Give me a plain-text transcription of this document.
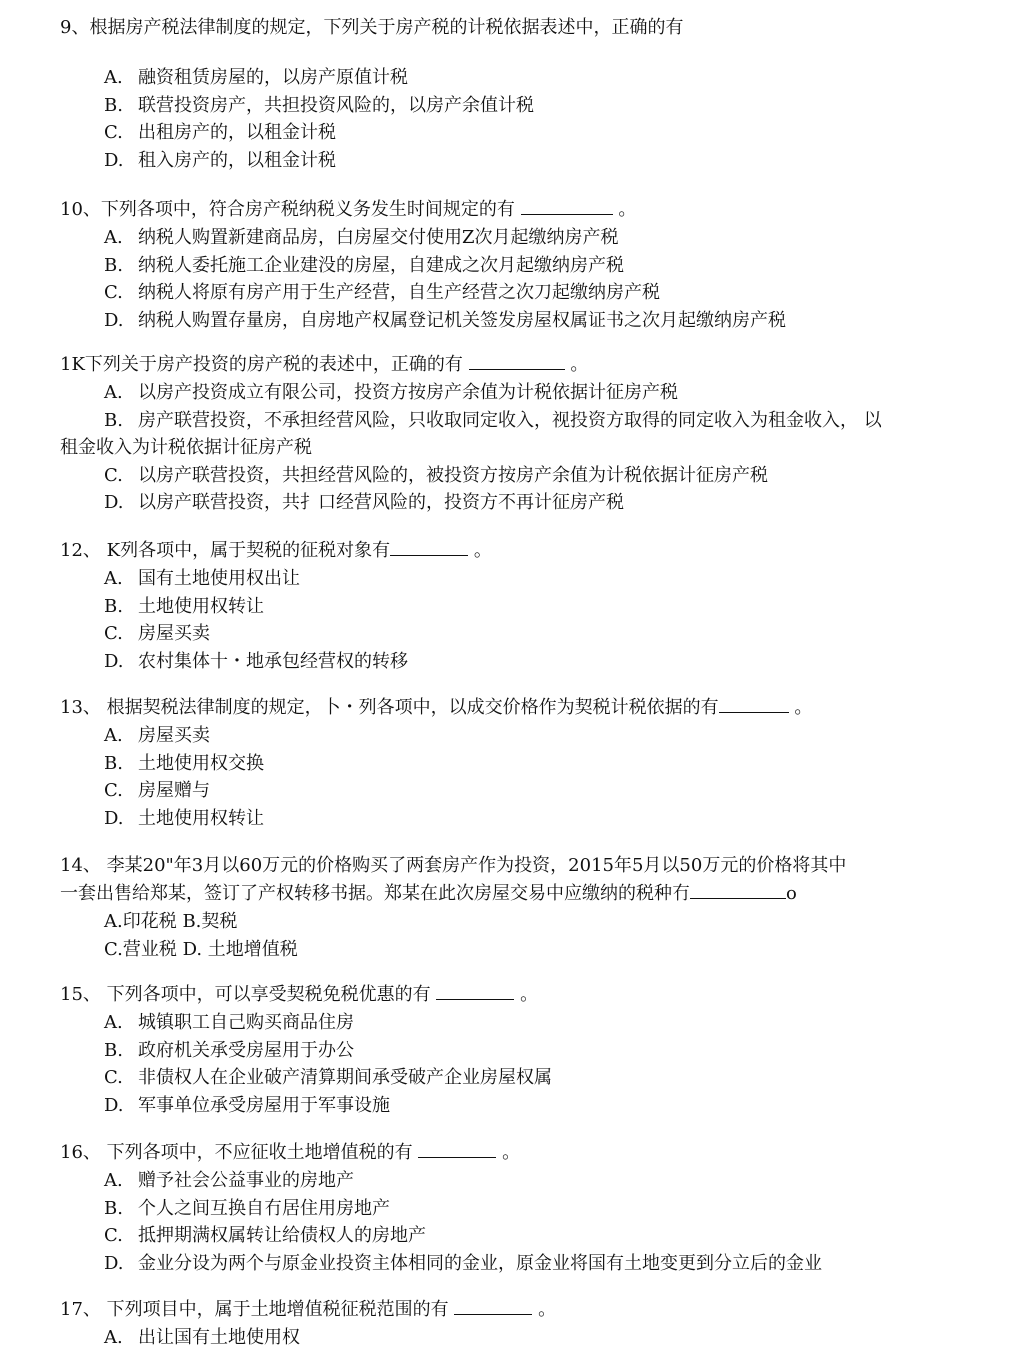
9、根据房产税法律制度的规定，下列关于房产税的计税依据表述中，正确的有
A. 融资租赁房屋的，以房产原值计税
B. 联营投资房产，共担投资风险的，以房产余值计税
C. 出租房产的，以租金计税
D. 租入房产的，以租金计税
10、下列各项中，符合房产税纳税义务发生时间规定的有	。
A. 纳税人购置新建商品房，白房屋交付使用Z次月起缴纳房产税
B. 纳税人委托施工企业建没的房屋，自建成之次月起缴纳房产税
C. 纳税人将原有房产用于生产经营，自生产经营之次刀起缴纳房产税
D. 纳税人购置存量房，自房地产权属登记机关签发房屋权属证书之次月起缴纳房产税
1K下列关于房产投资的房产税的表述中，正确的有	。
A. 以房产投资成立有限公司，投资方按房产余值为计税依据计征房产税
B. 房产联营投资，不承担经营风险，只收取同定收入，视投资方取得的同定收入为租金收入， 以
租金收入为计税依据计征房产税
C. 以房产联营投资，共担经营风险的，被投资方按房产余值为计税依据计征房产税
D. 以房产联营投资，共扌口经营风险的，投资方不再计征房产税
12、 K列各项中，属于契税的征税对象有	。
A. 国有土地使用权出让
B. 土地使用权转让
C. 房屋买卖
D. 农村集体十・地承包经营权的转移
13、 根据契税法律制度的规定，卜・列各项中，以成交价格作为契税计税依据的有	。
A. 房屋买卖
B. 土地使用权交换
C. 房屋赠与
D. 土地使用权转让
14、 李某20"年3月以60万元的价格购买了两套房产作为投资，2015年5月以50万元的价格将其中
一套出售给郑某，签订了产权转移书据。郑某在此次房屋交易中应缴纳的税种冇	o
A.印花税 B.契税
C.营业税 D. 土地增值税
15、 下列各项中，可以享受契税免税优惠的有	。
A. 城镇职工自己购买商品住房
B. 政府机关承受房屋用于办公
C. 非债权人在企业破产清算期间承受破产企业房屋权属
D. 军事单位承受房屋用于军事设施
16、 下列各项中，不应征收土地增值税的有	。
A. 赠予社会公益事业的房地产
B. 个人之间互换自冇居住用房地产
C. 抵押期满权属转让给债权人的房地产
D. 金业分设为两个与原金业投资主体相同的金业，原金业将国有土地变更到分立后的金业
17、 下列项目中，属于土地增值税征税范围的有	。
A. 出让国有土地使用权
